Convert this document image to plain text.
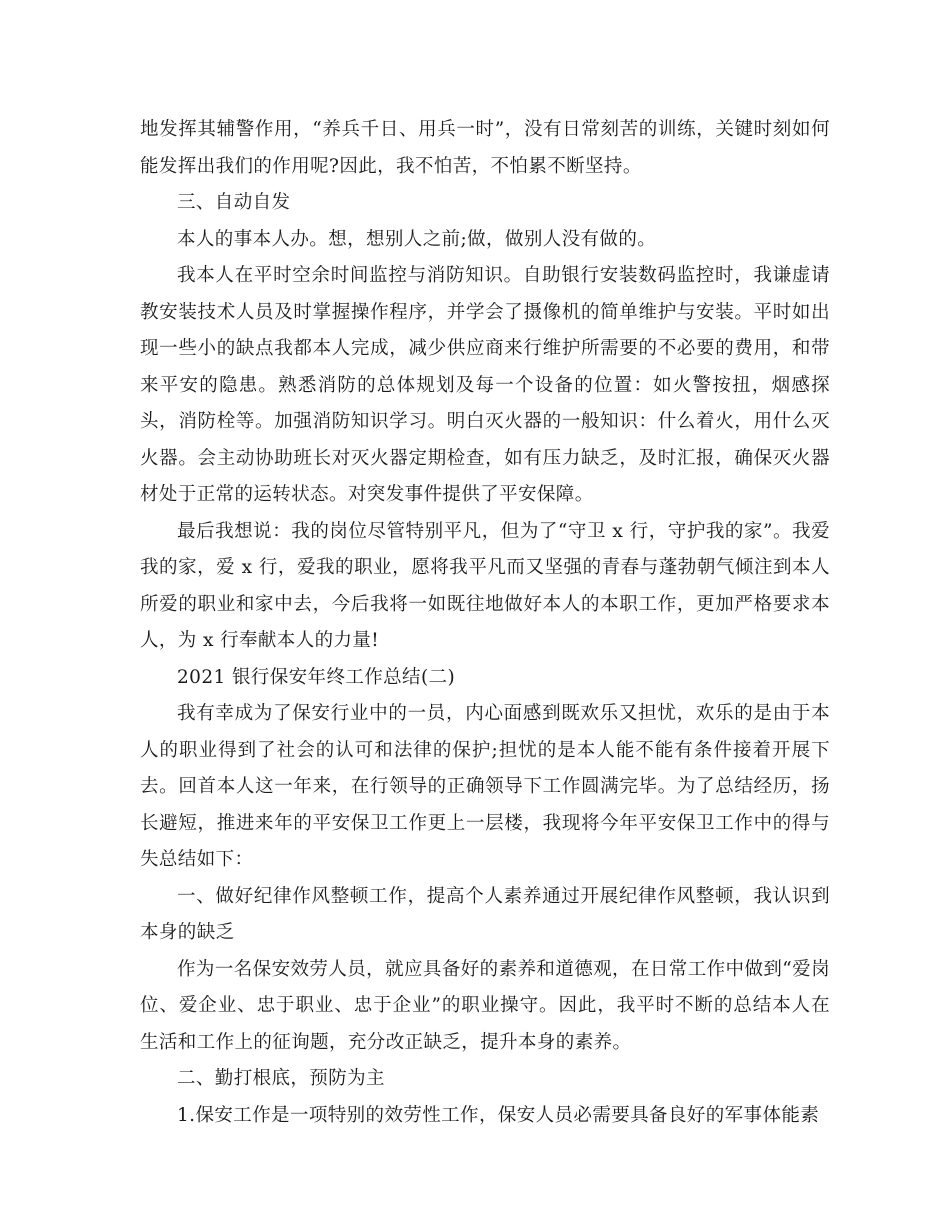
地发挥其辅警作用，“养兵千日、用兵一时”，没有日常刻苦的训练，关键时刻如何能发挥出我们的作用呢?因此，我不怕苦，不怕累不断坚持。

三、自动自发

本人的事本人办。想，想别人之前;做，做别人没有做的。

我本人在平时空余时间监控与消防知识。自助银行安装数码监控时，我谦虚请教安装技术人员及时掌握操作程序，并学会了摄像机的简单维护与安装。平时如出现一些小的缺点我都本人完成，减少供应商来行维护所需要的不必要的费用，和带来平安的隐患。熟悉消防的总体规划及每一个设备的位置：如火警按扭，烟感探头，消防栓等。加强消防知识学习。明白灭火器的一般知识：什么着火，用什么灭火器。会主动协助班长对灭火器定期检查，如有压力缺乏，及时汇报，确保灭火器材处于正常的运转状态。对突发事件提供了平安保障。

最后我想说：我的岗位尽管特别平凡，但为了“守卫 x 行，守护我的家”。我爱我的家，爱 x 行，爱我的职业，愿将我平凡而又坚强的青春与蓬勃朝气倾注到本人所爱的职业和家中去，今后我将一如既往地做好本人的本职工作，更加严格要求本人，为 x 行奉献本人的力量!

2021 银行保安年终工作总结(二)

我有幸成为了保安行业中的一员，内心面感到既欢乐又担忧，欢乐的是由于本人的职业得到了社会的认可和法律的保护;担忧的是本人能不能有条件接着开展下去。回首本人这一年来，在行领导的正确领导下工作圆满完毕。为了总结经历，扬长避短，推进来年的平安保卫工作更上一层楼，我现将今年平安保卫工作中的得与失总结如下：

一、做好纪律作风整顿工作，提高个人素养通过开展纪律作风整顿，我认识到本身的缺乏

作为一名保安效劳人员，就应具备好的素养和道德观，在日常工作中做到“爱岗位、爱企业、忠于职业、忠于企业”的职业操守。因此，我平时不断的总结本人在生活和工作上的征询题，充分改正缺乏，提升本身的素养。

二、勤打根底，预防为主

1.保安工作是一项特别的效劳性工作，保安人员必需要具备良好的军事体能素
